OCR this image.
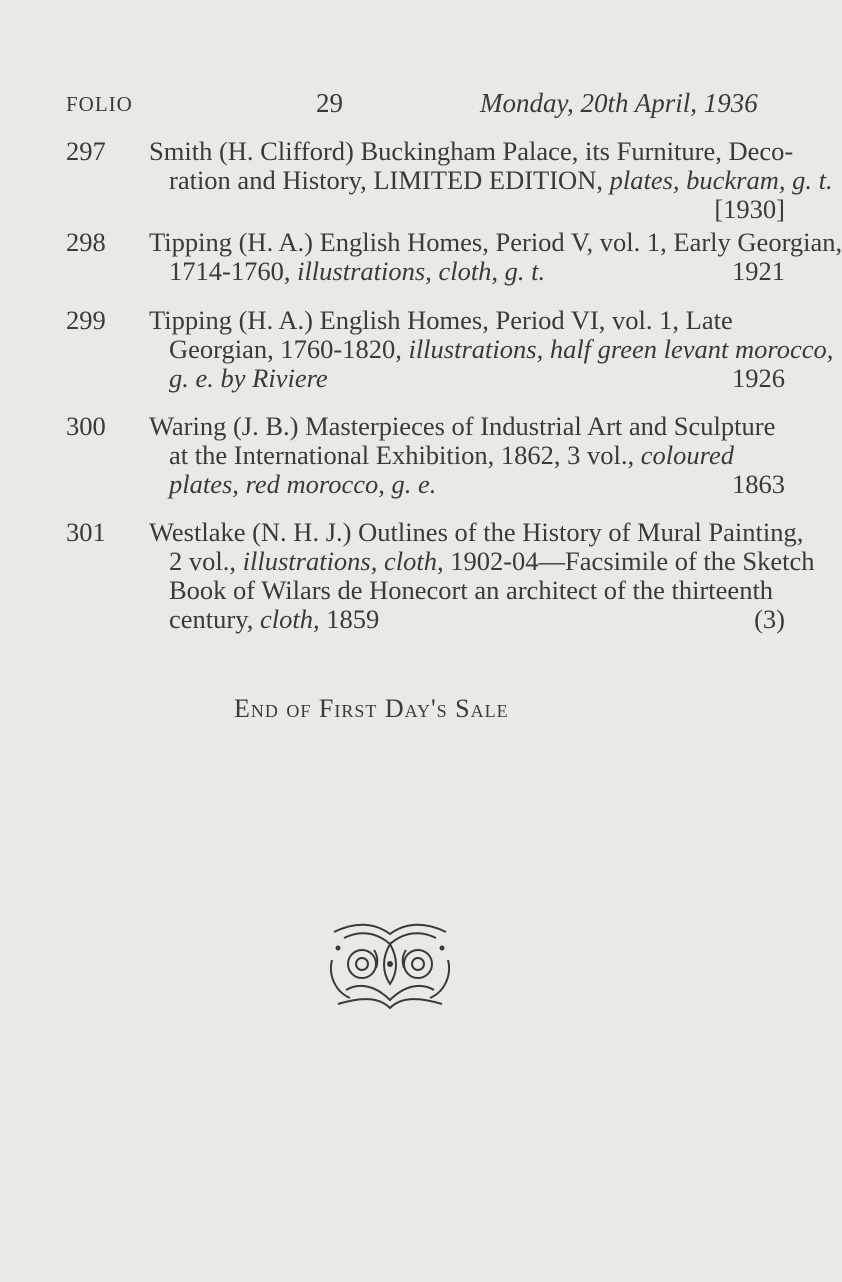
FOLIO	29	Monday, 20th April, 1936
297 Smith (H. Clifford) Buckingham Palace, its Furniture, Deco-
ration and History, LIMITED EDITION, plates, buckram, g. t.
[1930]
298 Tipping (H. A.) English Homes, Period V, vol. 1, Early Georgian,
1714-1760, illustrations, cloth, g. t.	1921
299 Tipping (H. A.) English Homes, Period VI, vol. 1, Late
Georgian, 1760-1820, illustrations, half green levant morocco,
g. e. by Riviere	1926
300 Waring (J. B.) Masterpieces of Industrial Art and Sculpture
at the International Exhibition, 1862, 3 vol., coloured
plates, red morocco, g. e.	1863
301 Westlake (N. H. J.) Outlines of the History of Mural Painting,
2 vol., illustrations, cloth, 1902-04—Facsimile of the Sketch
Book of Wilars de Honecort an architect of the thirteenth
century, cloth, 1859	(3)
End of First Day's Sale
